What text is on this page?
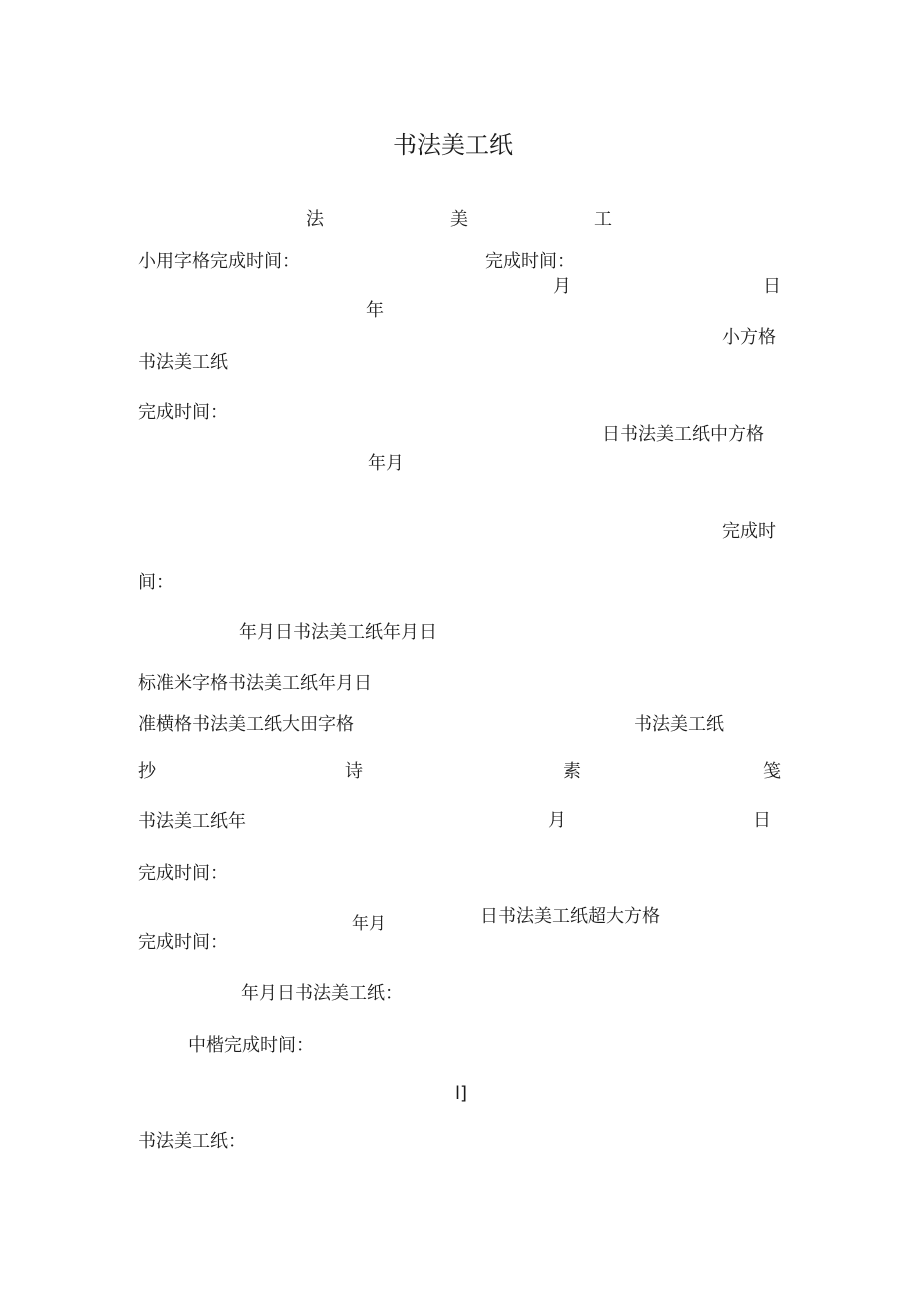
书法美工纸
法	美	工
小用字格完成时间：	完成时间：
月	日
年
小方格
书法美工纸
完成时间：
日书法美工纸中方格
年月
完成时
间：
年月日书法美工纸年月日
标准米字格书法美工纸年月日
准横格书法美工纸大田字格	书法美工纸
抄	诗	素	笺
书法美工纸年	月	日
完成时间：
年月	日书法美工纸超大方格
完成时间：
年月日书法美工纸：
中楷完成时间：
l]
书法美工纸：
